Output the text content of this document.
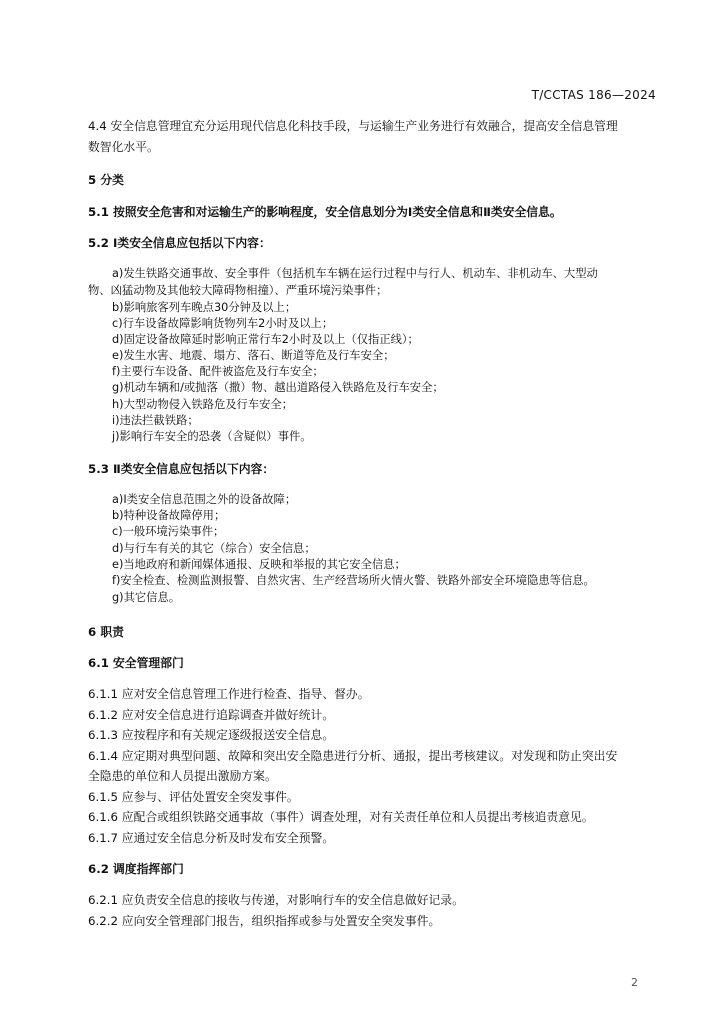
T/CCTAS 186—2024
4.4 安全信息管理宜充分运用现代信息化科技手段，与运输生产业务进行有效融合，提高安全信息管理
数智化水平。
5 分类
5.1 按照安全危害和对运输生产的影响程度，安全信息划分为Ⅰ类安全信息和Ⅱ类安全信息。
5.2 Ⅰ类安全信息应包括以下内容：
a)发生铁路交通事故、安全事件（包括机车车辆在运行过程中与行人、机动车、非机动车、大型动
物、凶猛动物及其他较大障碍物相撞）、严重环境污染事件；
b)影响旅客列车晚点30分钟及以上；
c)行车设备故障影响货物列车2小时及以上；
d)固定设备故障延时影响正常行车2小时及以上（仅指正线）；
e)发生水害、地震、塌方、落石、断道等危及行车安全；
f)主要行车设备、配件被盗危及行车安全；
g)机动车辆和/或抛落（撒）物、越出道路侵入铁路危及行车安全；
h)大型动物侵入铁路危及行车安全；
i)违法拦截铁路；
j)影响行车安全的恐袭（含疑似）事件。
5.3 Ⅱ类安全信息应包括以下内容：
a)Ⅰ类安全信息范围之外的设备故障；
b)特种设备故障停用；
c)一般环境污染事件；
d)与行车有关的其它（综合）安全信息；
e)当地政府和新闻媒体通报、反映和举报的其它安全信息；
f)安全检查、检测监测报警、自然灾害、生产经营场所火情火警、铁路外部安全环境隐患等信息。
g)其它信息。
6 职责
6.1 安全管理部门
6.1.1 应对安全信息管理工作进行检查、指导、督办。
6.1.2 应对安全信息进行追踪调查并做好统计。
6.1.3 应按程序和有关规定逐级报送安全信息。
6.1.4 应定期对典型问题、故障和突出安全隐患进行分析、通报，提出考核建议。对发现和防止突出安
全隐患的单位和人员提出激励方案。
6.1.5 应参与、评估处置安全突发事件。
6.1.6 应配合或组织铁路交通事故（事件）调查处理，对有关责任单位和人员提出考核追责意见。
6.1.7 应通过安全信息分析及时发布安全预警。
6.2 调度指挥部门
6.2.1 应负责安全信息的接收与传递，对影响行车的安全信息做好记录。
6.2.2 应向安全管理部门报告，组织指挥或参与处置安全突发事件。
2
